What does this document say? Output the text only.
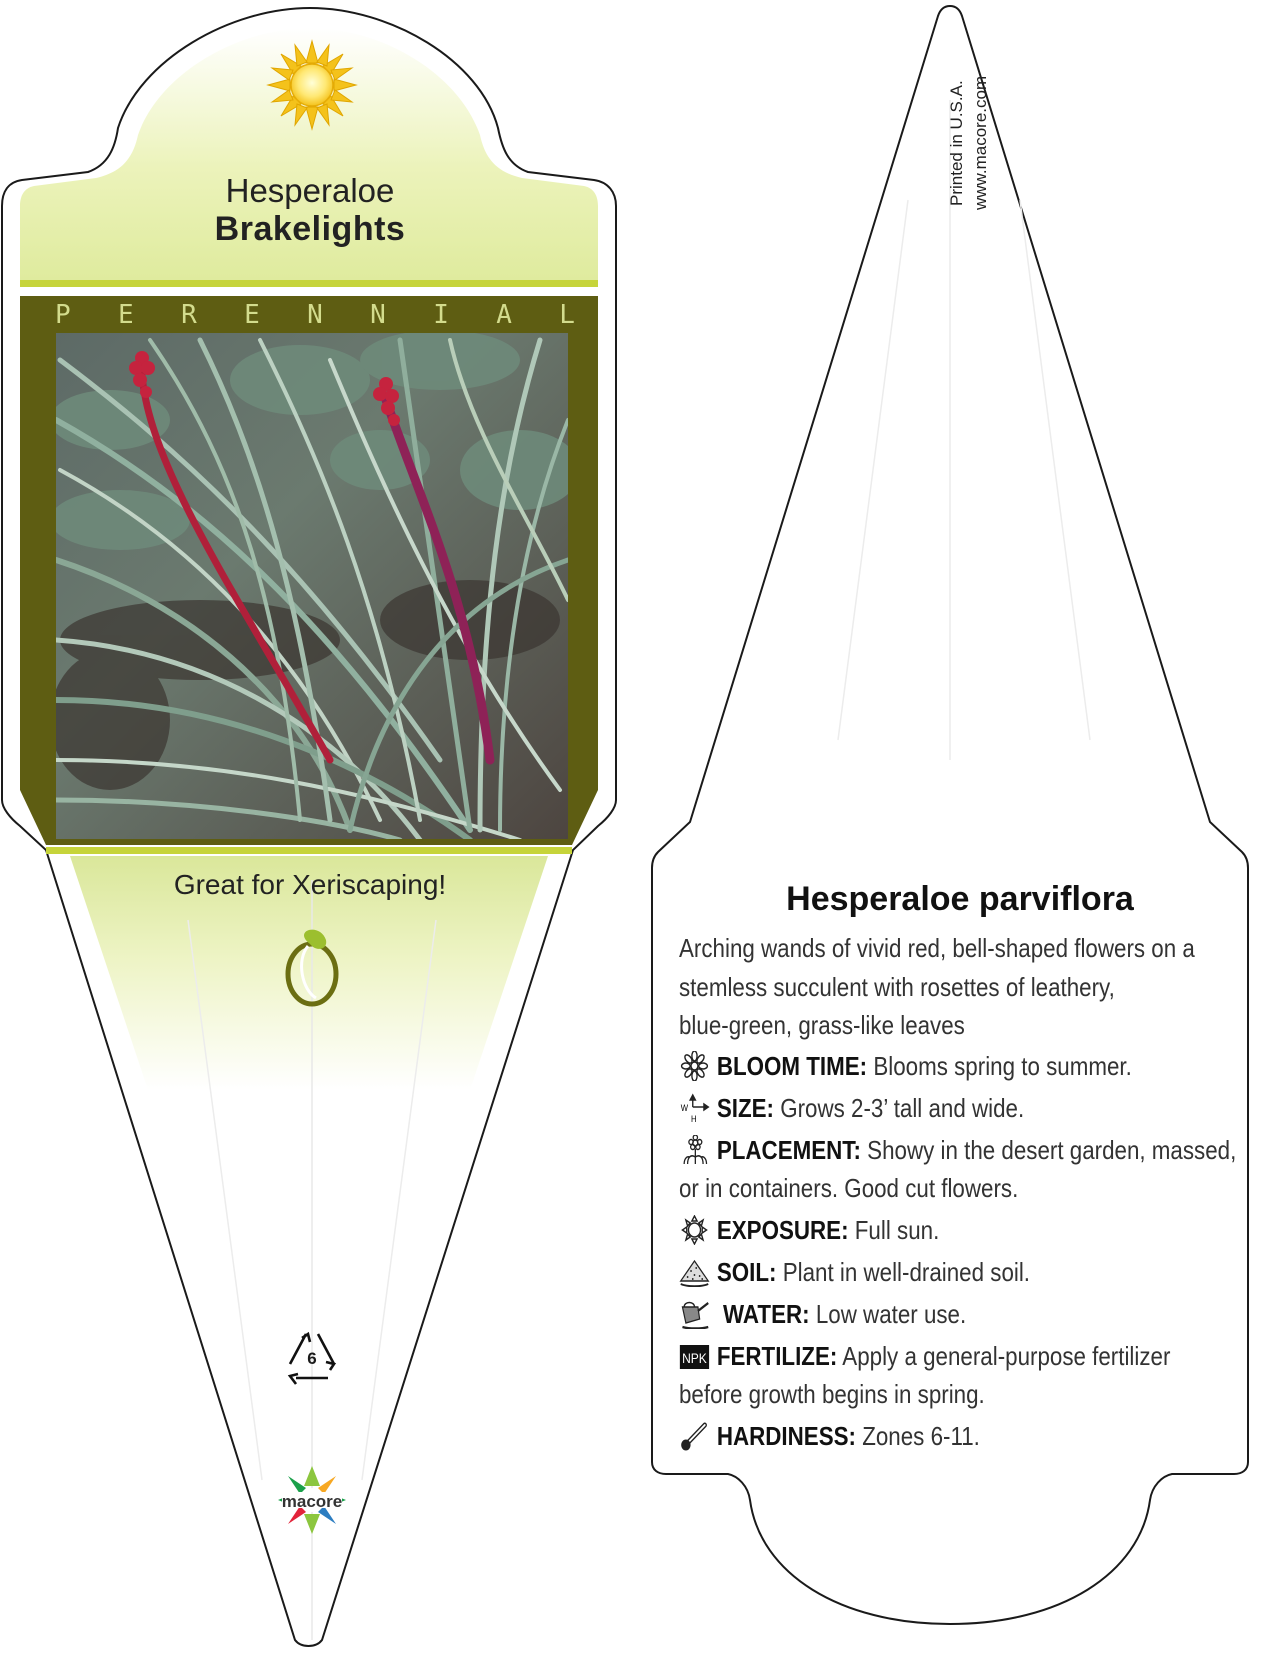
Printed in U.S.A. www.macore.com
Hesperaloe
Brakelights
P E R E N N I A L
Great for Xeriscaping!
6
macore
Hesperaloe parviflora
Arching wands of vivid red, bell-shaped flowers on a
stemless succulent with rosettes of leathery,
blue-green, grass-like leaves
BLOOM TIME: Blooms spring to summer.
W
H SIZE: Grows 2-3’ tall and wide.
PLACEMENT: Showy in the desert garden, massed,
or in containers. Good cut flowers.
EXPOSURE: Full sun.
SOIL: Plant in well-drained soil.
WATER: Low water use.
NPK FERTILIZE: Apply a general-purpose fertilizer
before growth begins in spring.
HARDINESS: Zones 6-11.
